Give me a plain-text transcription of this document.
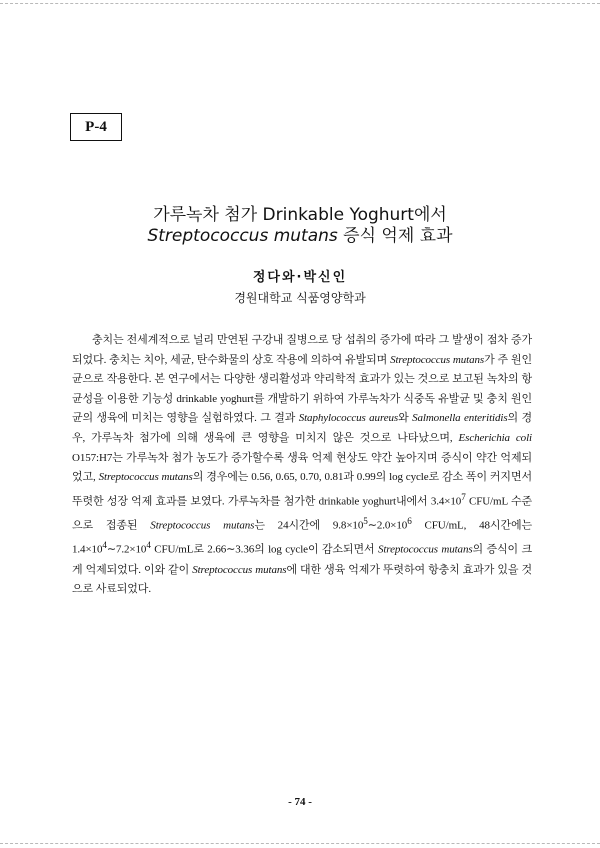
P-4
가루녹차 첨가 Drinkable Yoghurt에서
Streptococcus mutans 증식 억제 효과
정다와·박신인
경원대학교 식품영양학과

충치는 전세계적으로 널리 만연된 구강내 질병으로 당 섭취의 증가에 따라 그 발생이 점차 증가되었다. 충치는 치아, 세균, 탄수화물의 상호 작용에 의하여 유발되며 Streptococcus mutans가 주 원인균으로 작용한다. 본 연구에서는 다양한 생리활성과 약리학적 효과가 있는 것으로 보고된 녹차의 항균성을 이용한 기능성 drinkable yoghurt를 개발하기 위하여 가루녹차가 식중독 유발균 및 충치 원인균의 생육에 미치는 영향을 실험하였다. 그 결과 Staphylococcus aureus와 Salmonella enteritidis의 경우, 가루녹차 첨가에 의해 생육에 큰 영향을 미치지 않은 것으로 나타났으며, Escherichia coli O157:H7는 가루녹차 첨가 농도가 증가할수록 생육 억제 현상도 약간 높아지며 증식이 약간 억제되었고, Streptococcus mutans의 경우에는 0.56, 0.65, 0.70, 0.81과 0.99의 log cycle로 감소 폭이 커지면서 뚜렷한 성장 억제 효과를 보였다. 가루녹차를 첨가한 drinkable yoghurt내에서 $3.4\times 10^7$ CFU/mL 수준으로 접종된 Streptococcus mutans는 24시간에 $9.8\times 10^5\sim 2.0\times 10^6$ CFU/mL, 48시간에는 $1.4\times 10^4\sim 7.2\times 10^4$ CFU/mL로 2.66∼3.36의 log cycle이 감소되면서 Streptococcus mutans의 증식이 크게 억제되었다. 이와 같이 Streptococcus mutans에 대한 생육 억제가 뚜렷하여 항충치 효과가 있을 것으로 사료되었다.

- 74 -
